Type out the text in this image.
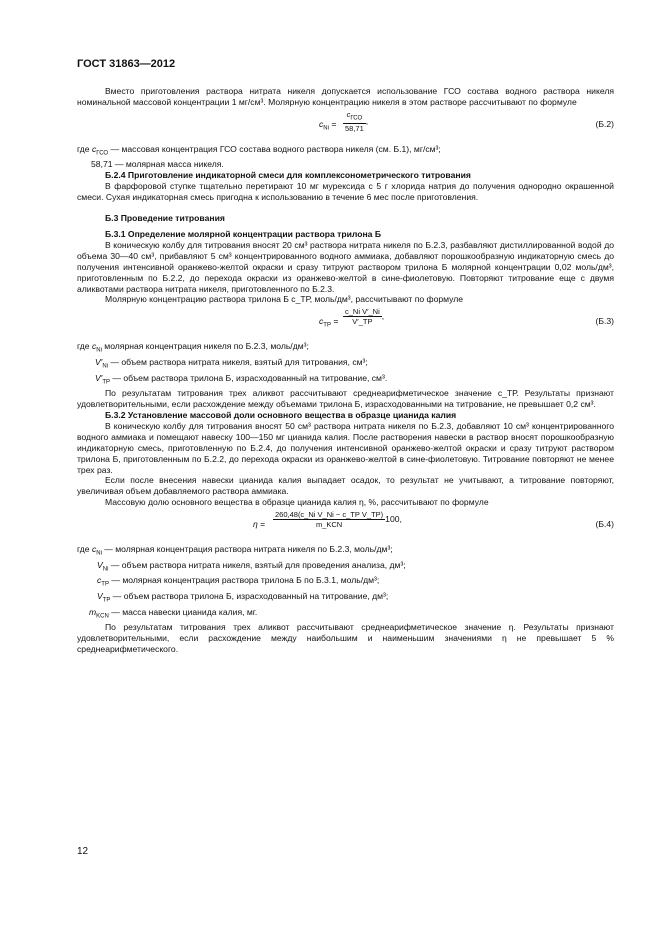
ГОСТ 31863—2012

Вместо приготовления раствора нитрата никеля допускается использование ГСО состава водного раствора никеля номинальной массовой концентрации 1 мг/см³. Молярную концентрацию никеля в этом растворе рассчитывают по формуле

$c_{Ni} = \frac{c_{ГСО}}{58,71}$ ,	(Б.2)

где $c_{ГСО}$ — массовая концентрация ГСО состава водного раствора никеля (см. Б.1), мг/см³;

58,71 — молярная масса никеля.

Б.2.4 Приготовление индикаторной смеси для комплексонометрического титрования

В фарфоровой ступке тщательно перетирают 10 мг мурексида с 5 г хлорида натрия до получения однородно окрашенной смеси. Сухая индикаторная смесь пригодна к использованию в течение 6 мес после приготовления.

Б.3 Проведение титрования

Б.3.1 Определение молярной концентрации раствора трилона Б

В коническую колбу для титрования вносят 20 см³ раствора нитрата никеля по Б.2.3, разбавляют дистиллированной водой до объема 30—40 см³, прибавляют 5 см³ концентрированного водного аммиака, добавляют порошкообразную индикаторную смесь до получения интенсивной оранжево-желтой окраски и сразу титруют раствором трилона Б молярной концентрации 0,02 моль/дм³, приготовленным по Б.2.2, до перехода окраски из оранжево-желтой в сине-фиолетовую. Повторяют титрование еще с двумя аликвотами раствора нитрата никеля, приготовленного по Б.2.3.

Молярную концентрацию раствора трилона Б c_ТР, моль/дм³, рассчитывают по формуле

$c_{ТР} = \frac{\text{c\_Ni V′\_Ni}}{V'\_ТР}$ ,
(Б.3)

где $c_{Ni}$ молярная концентрация никеля по Б.2.3, моль/дм³;

$V'_{Ni}$ — объем раствора нитрата никеля, взятый для титрования, см³;

$V'_{ТР}$ — объем раствора трилона Б, израсходованный на титрование, см³.

По результатам титрования трех аликвот рассчитывают среднеарифметическое значение c_ТР. Результаты признают удовлетворительными, если расхождение между объемами трилона Б, израсходованными на титрование, не превышает 0,2 см³.

Б.3.2 Установление массовой доли основного вещества в образце цианида калия

В коническую колбу для титрования вносят 50 см³ раствора нитрата никеля по Б.2.3, добавляют 10 см³ концентрированного водного аммиака и помещают навеску 100—150 мг цианида калия. После растворения навески в раствор вносят порошкообразную индикаторную смесь, приготовленную по Б.2.4, до получения интенсивной оранжево-желтой окраски и сразу титруют раствором трилона Б, приготовленным по Б.2.2, до перехода окраски из оранжево-желтой в сине-фиолетовую. Титрование повторяют не менее трех раз.

Если после внесения навески цианида калия выпадает осадок, то результат не учитывают, а титрование повторяют, увеличивая объем добавляемого раствора аммиака.

Массовую долю основного вещества в образце цианида калия η, %, рассчитывают по формуле

$\eta = \frac{\text{260,48(c\_Ni V\_Ni − c\_ТР V\_ТР)}}{\text{m\_KCN}} 100$,
(Б.4)

где $c_{Ni}$ — молярная концентрация раствора нитрата никеля по Б.2.3, моль/дм³;

$V_{Ni}$ — объем раствора нитрата никеля, взятый для проведения анализа, дм³;

$c_{ТР}$ — молярная концентрация раствора трилона Б по Б.3.1, моль/дм³;

$V_{ТР}$ — объем раствора трилона Б, израсходованный на титрование, дм³;

$m_{KCN}$ — масса навески цианида калия, мг.

По результатам титрования трех аликвот рассчитывают среднеарифметическое значение η. Результаты признают удовлетворительными, если расхождение между наибольшим и наименьшим значениями η не превышает 5 % среднеарифметического.

12
